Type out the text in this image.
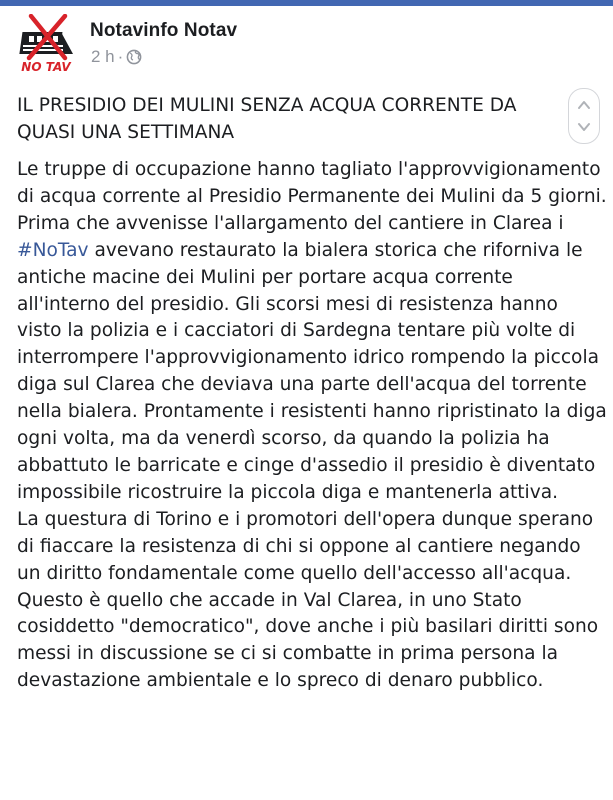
NO TAV
Notavinfo Notav
2 h ·
IL PRESIDIO DEI MULINI SENZA ACQUA CORRENTE DA QUASI UNA SETTIMANA

Le truppe di occupazione hanno tagliato l'approvvigionamento di acqua corrente al Presidio Permanente dei Mulini da 5 giorni.

Prima che avvenisse l'allargamento del cantiere in Clarea i #NoTav avevano restaurato la bialera storica che riforniva le antiche macine dei Mulini per portare acqua corrente all'interno del presidio. Gli scorsi mesi di resistenza hanno visto la polizia e i cacciatori di Sardegna tentare più volte di interrompere l'approvvigionamento idrico rompendo la piccola diga sul Clarea che deviava una parte dell'acqua del torrente nella bialera. Prontamente i resistenti hanno ripristinato la diga ogni volta, ma da venerdì scorso, da quando la polizia ha abbattuto le barricate e cinge d'assedio il presidio è diventato impossibile ricostruire la piccola diga e mantenerla attiva.

La questura di Torino e i promotori dell'opera dunque sperano di fiaccare la resistenza di chi si oppone al cantiere negando un diritto fondamentale come quello dell'accesso all'acqua. Questo è quello che accade in Val Clarea, in uno Stato cosiddetto "democratico", dove anche i più basilari diritti sono messi in discussione se ci si combatte in prima persona la devastazione ambientale e lo spreco di denaro pubblico.
